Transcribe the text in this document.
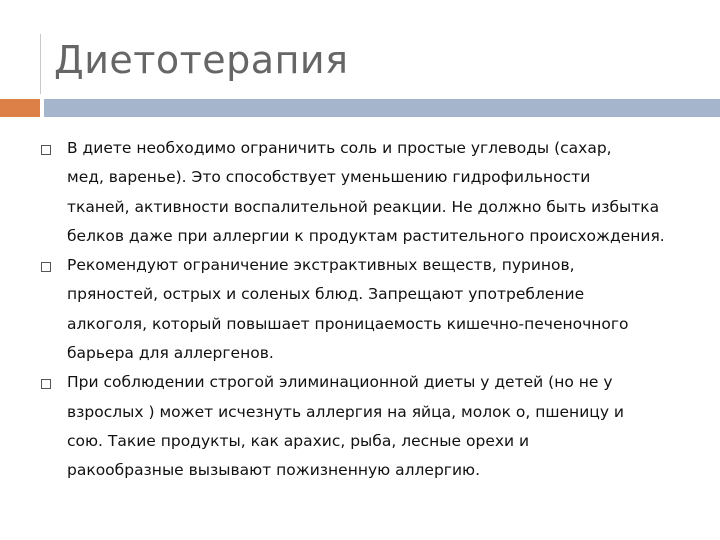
Диетотерапия
В диете необходимо ограничить соль и простые углеводы (сахар,
мед, варенье). Это способствует уменьшению гидрофильности
тканей, активности воспалительной реакции. Не должно быть избытка
белков даже при аллергии к продуктам растительного происхождения.
Рекомендуют ограничение экстрактивных веществ, пуринов,
пряностей, острых и соленых блюд. Запрещают употребление
алкоголя, который повышает проницаемость кишечно-печеночного
барьера для аллергенов.
При соблюдении строгой элиминационной диеты у детей (но не у
взрослых ) может исчезнуть аллергия на яйца, молок о, пшеницу и
сою. Такие продукты, как арахис, рыба, лесные орехи и
ракообразные вызывают пожизненную аллергию.
